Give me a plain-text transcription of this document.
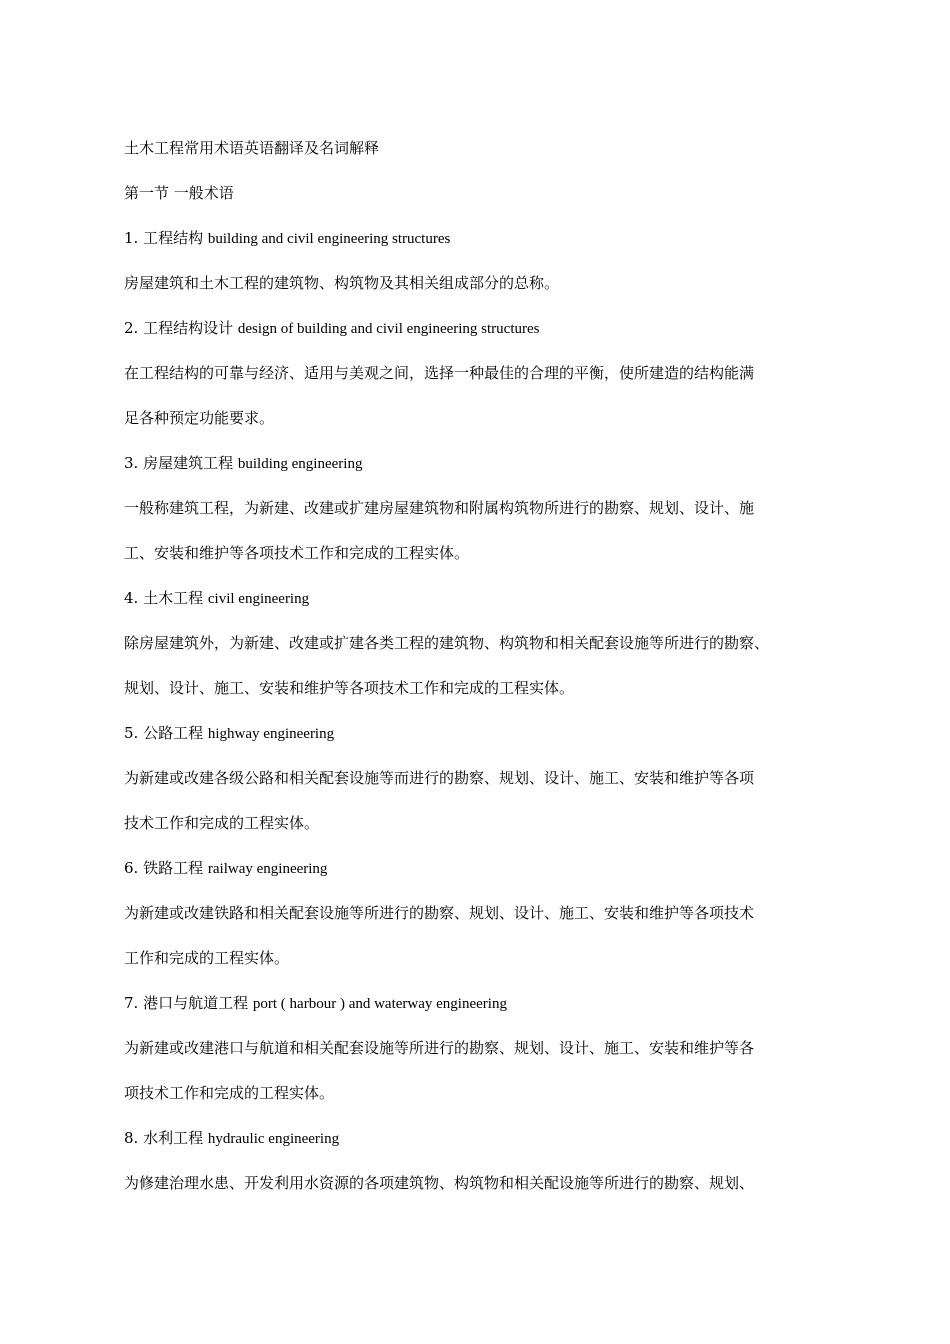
土木工程常用术语英语翻译及名词解释
第一节 一般术语
1. 工程结构 building and civil engineering structures
房屋建筑和土木工程的建筑物、构筑物及其相关组成部分的总称。
2. 工程结构设计 design of building and civil engineering structures
在工程结构的可靠与经济、适用与美观之间，选择一种最佳的合理的平衡，使所建造的结构能满
足各种预定功能要求。
3. 房屋建筑工程 building engineering
一般称建筑工程，为新建、改建或扩建房屋建筑物和附属构筑物所进行的勘察、规划、设计、施
工、安装和维护等各项技术工作和完成的工程实体。
4. 土木工程 civil engineering
除房屋建筑外，为新建、改建或扩建各类工程的建筑物、构筑物和相关配套设施等所进行的勘察、
规划、设计、施工、安装和维护等各项技术工作和完成的工程实体。
5. 公路工程 highway engineering
为新建或改建各级公路和相关配套设施等而进行的勘察、规划、设计、施工、安装和维护等各项
技术工作和完成的工程实体。
6. 铁路工程 railway engineering
为新建或改建铁路和相关配套设施等所进行的勘察、规划、设计、施工、安装和维护等各项技术
工作和完成的工程实体。
7. 港口与航道工程 port ( harbour ) and waterway engineering
为新建或改建港口与航道和相关配套设施等所进行的勘察、规划、设计、施工、安装和维护等各
项技术工作和完成的工程实体。
8. 水利工程 hydraulic engineering
为修建治理水患、开发利用水资源的各项建筑物、构筑物和相关配设施等所进行的勘察、规划、
